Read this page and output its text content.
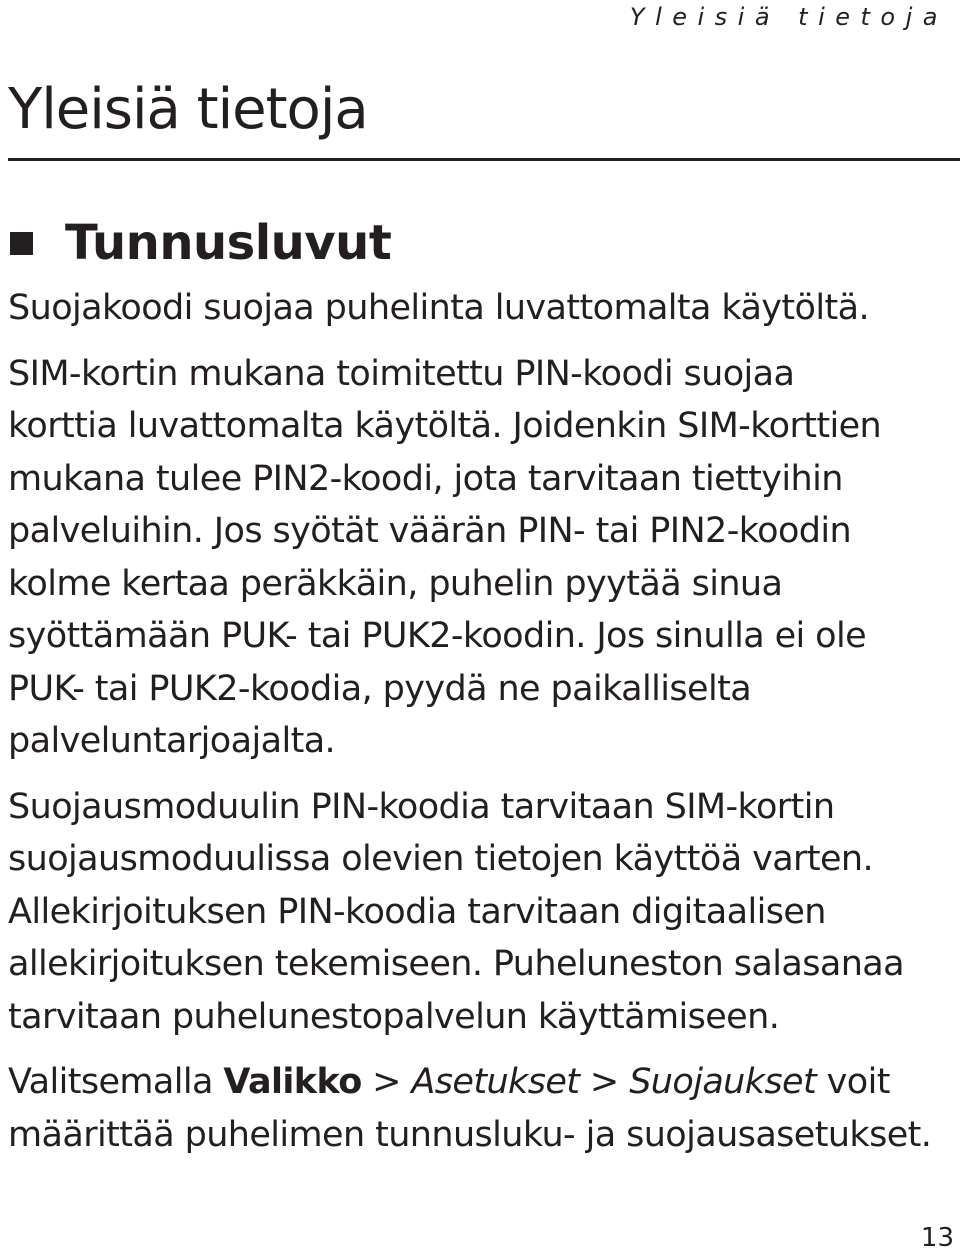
Yleisiä tietoja
Yleisiä tietoja
Tunnusluvut

Suojakoodi suojaa puhelinta luvattomalta käytöltä.

SIM-kortin mukana toimitettu PIN-koodi suojaa

korttia luvattomalta käytöltä. Joidenkin SIM-korttien

mukana tulee PIN2-koodi, jota tarvitaan tiettyihin

palveluihin. Jos syötät väärän PIN- tai PIN2-koodin

kolme kertaa peräkkäin, puhelin pyytää sinua

syöttämään PUK- tai PUK2-koodin. Jos sinulla ei ole

PUK- tai PUK2-koodia, pyydä ne paikalliselta

palveluntarjoajalta.

Suojausmoduulin PIN-koodia tarvitaan SIM-kortin

suojausmoduulissa olevien tietojen käyttöä varten.

Allekirjoituksen PIN-koodia tarvitaan digitaalisen

allekirjoituksen tekemiseen. Puheluneston salasanaa

tarvitaan puhelunestopalvelun käyttämiseen.

Valitsemalla Valikko > Asetukset > Suojaukset voit

määrittää puhelimen tunnusluku- ja suojausasetukset.

13
